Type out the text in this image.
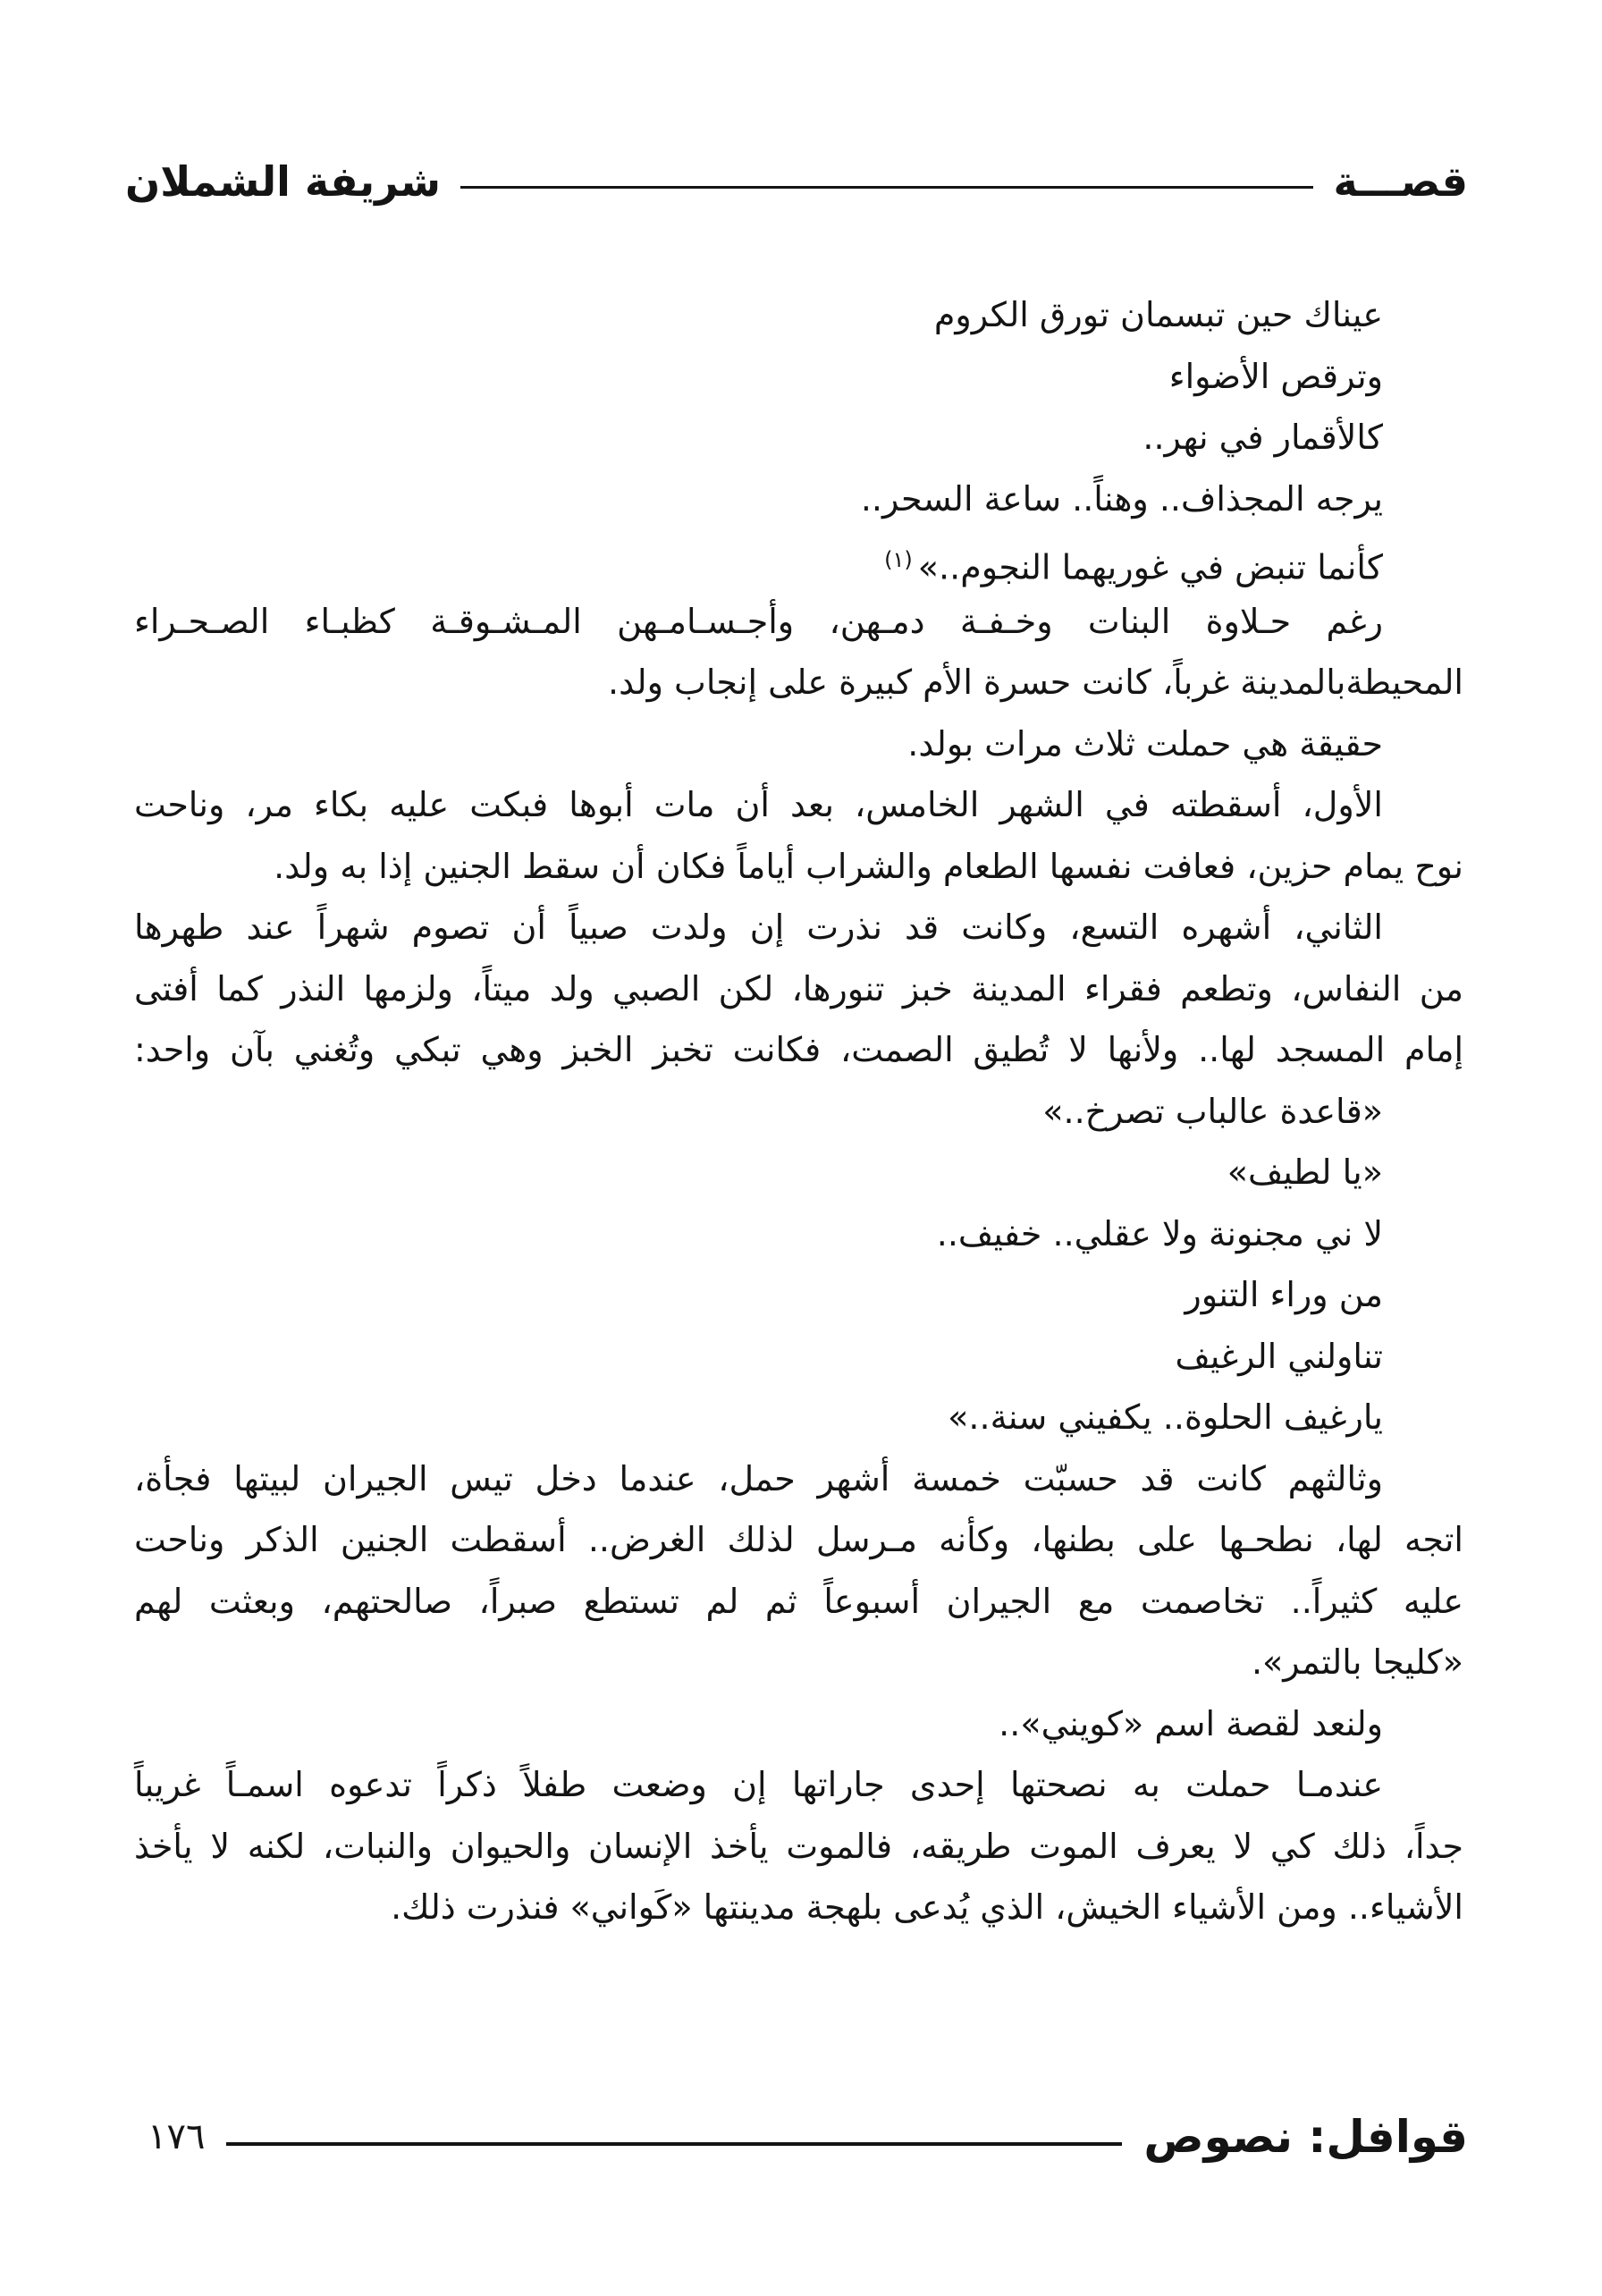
قصـــة
شريفة الشملان
عيناك حين تبسمان تورق الكروم
وترقص الأضواء
كالأقمار في نهر..
يرجه المجذاف.. وهناً.. ساعة السحر..
كأنما تنبض في غوريهما النجوم..»$^{(١)}$
رغم حـلاوة البنات وخـفـة دمـهن، وأجـسـامـهن المـشـوقـة كظبـاء الصـحـراء
المحيطةبالمدينة غرباً، كانت حسرة الأم كبيرة على إنجاب ولد.
حقيقة هي حملت ثلاث مرات بولد.
الأول، أسقطته في الشهر الخامس، بعد أن مات أبوها فبكت عليه بكاء مر، وناحت
نوح يمام حزين، فعافت نفسها الطعام والشراب أياماً فكان أن سقط الجنين إذا به ولد.
الثاني، أشهره التسع، وكانت قد نذرت إن ولدت صبياً أن تصوم شهراً عند طهرها
من النفاس، وتطعم فقراء المدينة خبز تنورها، لكن الصبي ولد ميتاً، ولزمها النذر كما أفتى
إمام المسجد لها.. ولأنها لا تُطيق الصمت، فكانت تخبز الخبز وهي تبكي وتُغني بآن واحد:
«قاعدة عالباب تصرخ..»
«يا لطيف»
لا ني مجنونة ولا عقلي.. خفيف..
من وراء التنور
تناولني الرغيف
يارغيف الحلوة.. يكفيني سنة..»
وثالثهم كانت قد حسبّت خمسة أشهر حمل، عندما دخل تيس الجيران لبيتها فجأة،
اتجه لها، نطحـها على بطنها، وكأنه مـرسل لذلك الغرض.. أسقطت الجنين الذكر وناحت
عليه كثيراً.. تخاصمت مع الجيران أسبوعاً ثم لم تستطع صبراً، صالحتهم، وبعثت لهم
«كليجا بالتمر».
ولنعد لقصة اسم «كويني»..
عندمـا حملت به نصحتها إحدى جاراتها إن وضعت طفلاً ذكراً تدعوه اسمـاً غريباً
جداً، ذلك كي لا يعرف الموت طريقه، فالموت يأخذ الإنسان والحيوان والنبات، لكنه لا يأخذ
الأشياء.. ومن الأشياء الخيش، الذي يُدعى بلهجة مدينتها «كَواني» فنذرت ذلك.
قوافل: نصوص
١٧٦
